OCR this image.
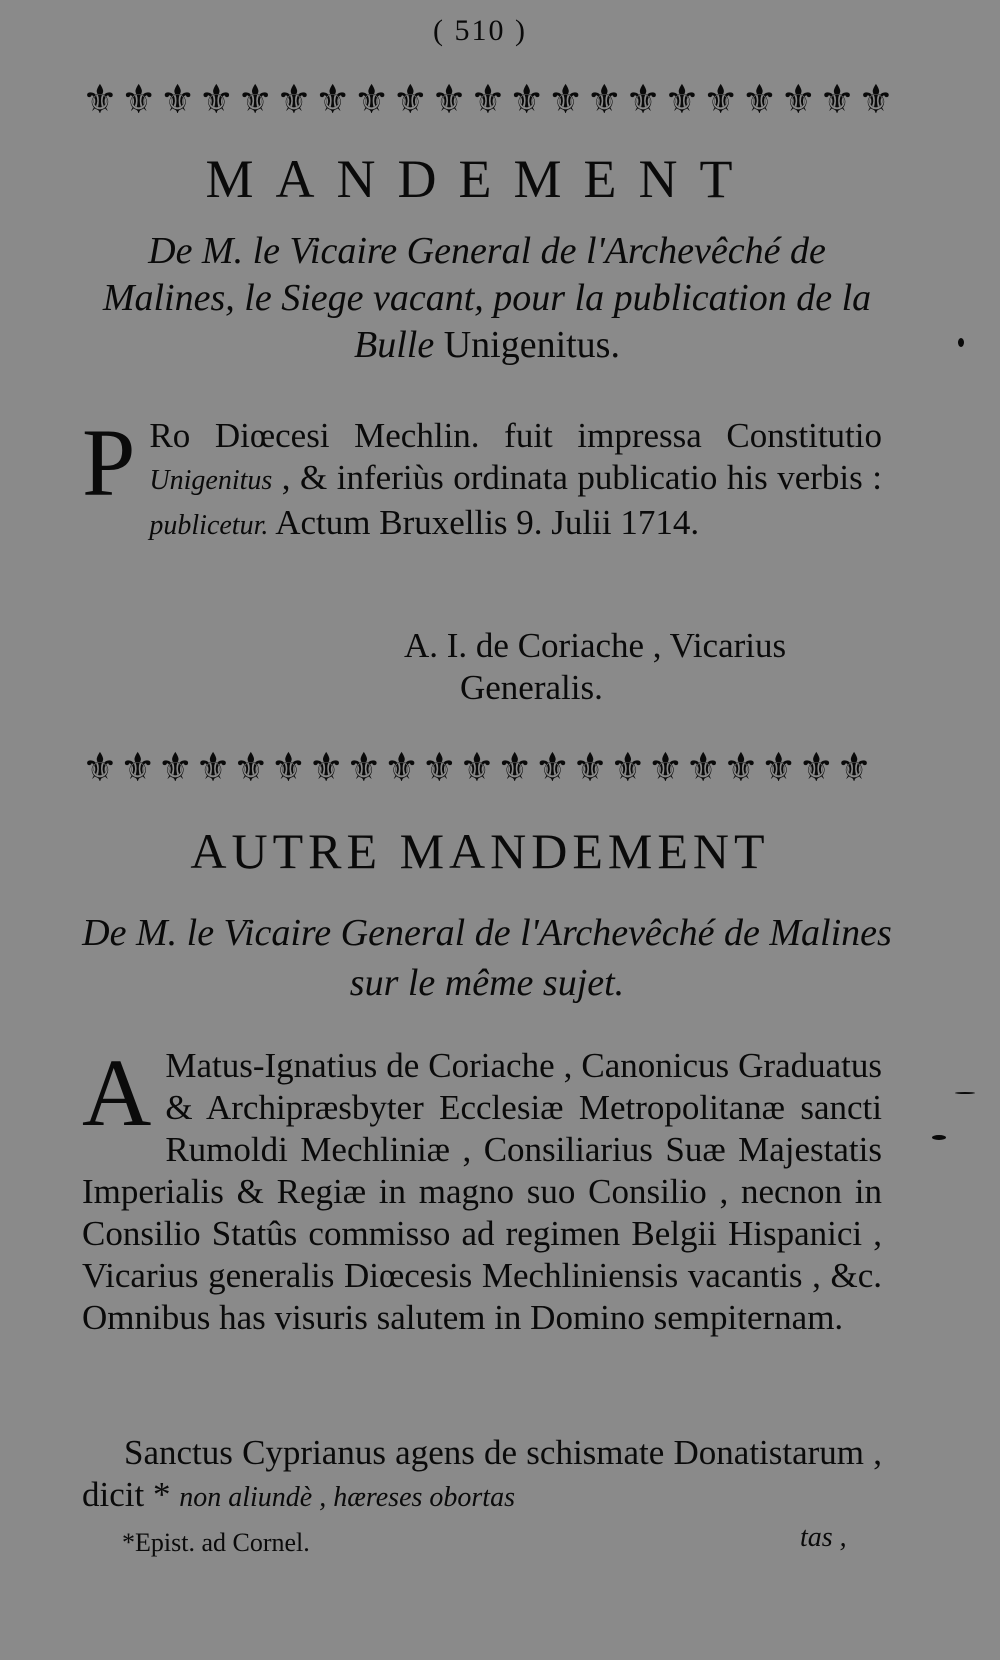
( 510 )
⚜ ⚜ ⚜ ⚜ ⚜ ⚜ ⚜ ⚜ ⚜ ⚜ ⚜ ⚜ ⚜ ⚜ ⚜ ⚜ ⚜ ⚜ ⚜ ⚜ ⚜
MANDEMENT
De M. le Vicaire General de l'Archevêché de Malines, le Siege vacant, pour la publication de la Bulle Unigenitus.
P Ro Diœcesi Mechlin. fuit impressa Constitutio Unigenitus , & inferiùs ordinata publicatio his verbis : publicetur. Actum Bruxellis 9. Julii 1714.
A. I. de Coriache , Vicarius
Generalis.
⚜ ⚜ ⚜ ⚜ ⚜ ⚜ ⚜ ⚜ ⚜ ⚜ ⚜ ⚜ ⚜ ⚜ ⚜ ⚜ ⚜ ⚜ ⚜ ⚜ ⚜
AUTRE MANDEMENT
De M. le Vicaire General de l'Archevêché de Malines sur le même sujet.
A Matus-Ignatius de Coriache , Canonicus Graduatus & Archipræsbyter Ecclesiæ Metropolitanæ sancti Rumoldi Mechliniæ , Consiliarius Suæ Majestatis Imperialis & Regiæ in magno suo Consilio , necnon in Consilio Statûs commisso ad regimen Belgii Hispanici , Vicarius generalis Diœcesis Mechliniensis vacantis , &c. Omnibus has visuris salutem in Domino sempiternam.
Sanctus Cyprianus agens de schismate Donatistarum , dicit * non aliundè , hæreses obortas
*Epist. ad Cornel.	tas ,
